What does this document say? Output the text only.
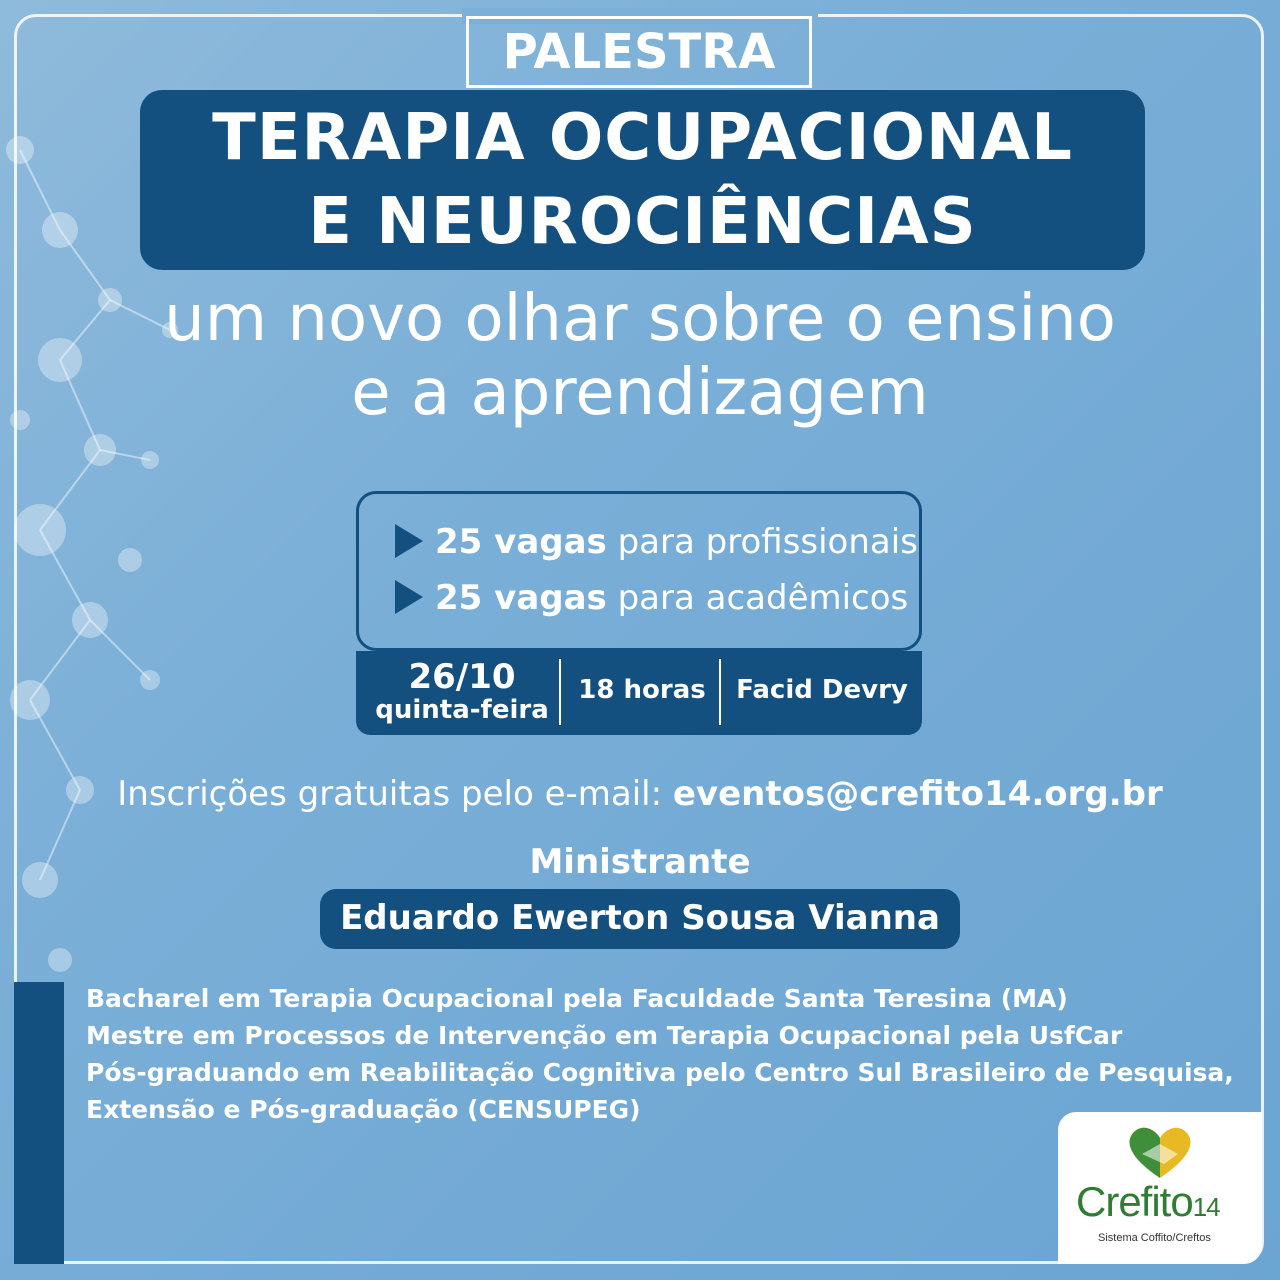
PALESTRA
TERAPIA OCUPACIONAL
E NEUROCIÊNCIAS
um novo olhar sobre o ensino
e a aprendizagem
25 vagas para profissionais
25 vagas para acadêmicos
26/10
quinta-feira
18 horas	Facid Devry
Inscrições gratuitas pelo e-mail: eventos@crefito14.org.br
Ministrante
Eduardo Ewerton Sousa Vianna
Bacharel em Terapia Ocupacional pela Faculdade Santa Teresina (MA)
Mestre em Processos de Intervenção em Terapia Ocupacional pela UsfCar
Pós-graduando em Reabilitação Cognitiva pelo Centro Sul Brasileiro de Pesquisa,
Extensão e Pós-graduação (CENSUPEG)
Crefito14
Sistema Coffito/Creftos
